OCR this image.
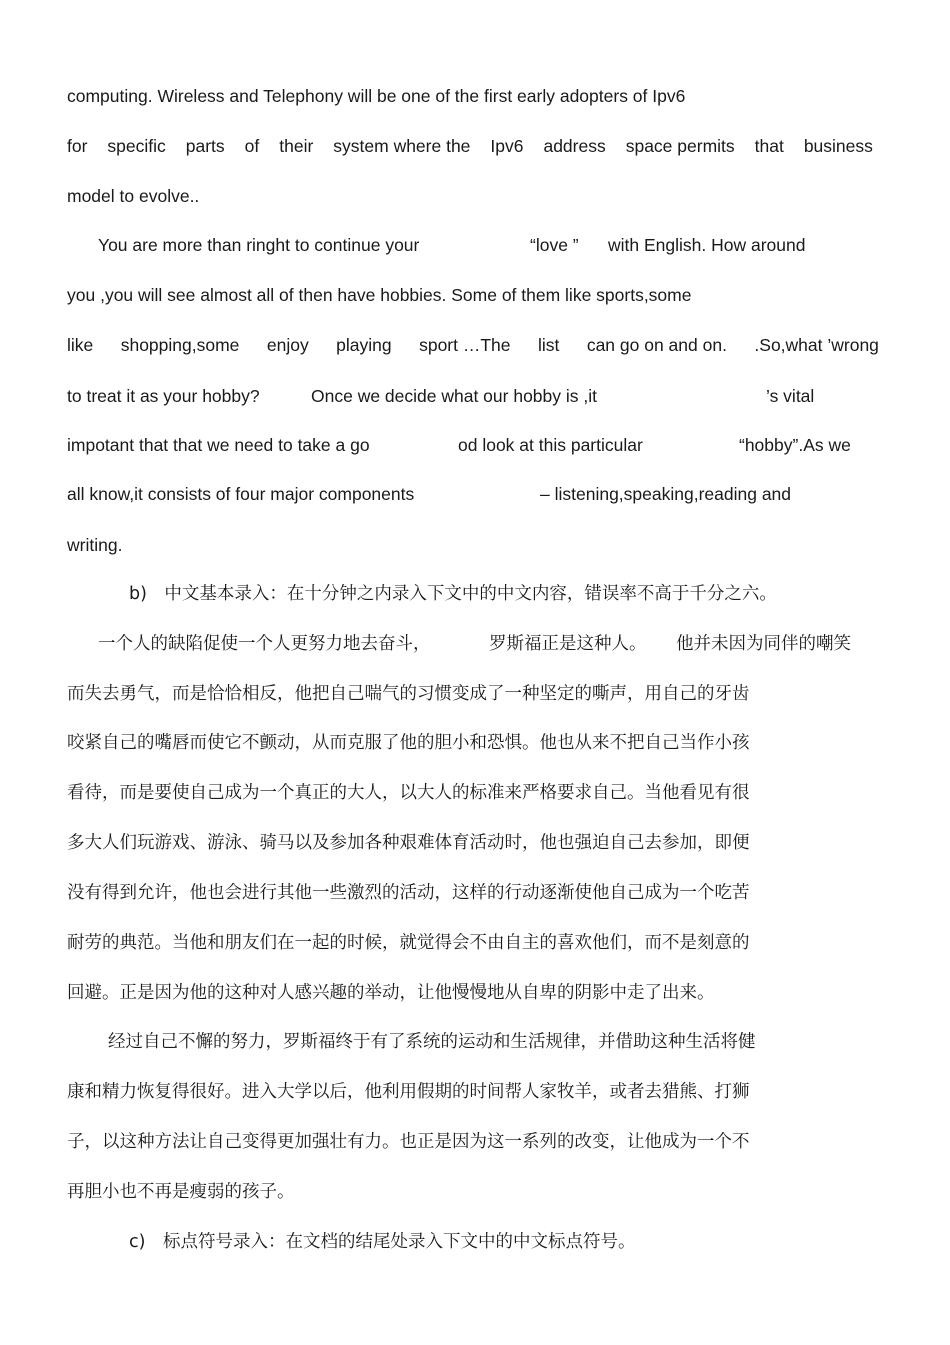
computing. Wireless and Telephony will be one of the first early adopters of Ipv6
for specific parts of their system where the Ipv6 address space permits that business
model to evolve..
You are more than ringht to continue your	“love ” with English. How around
you ,you will see almost all of then have hobbies. Some of them like sports,some
like shopping,some enjoy playing sport …The list can go on and on. .So,what ’wrong
to treat it as your hobby?	Once we decide what our hobby is ,it	’s vital
impotant that that we need to take a go	od look at this particular	“hobby”.As we
all know,it consists of four major components	– listening,speaking,reading and
writing.
b)　中文基本录入：在十分钟之内录入下文中的中文内容，错误率不高于千分之六。
一个人的缺陷促使一个人更努力地去奋斗，	罗斯福正是这种人。 他并未因为同伴的嘲笑
而失去勇气，而是恰恰相反，他把自己喘气的习惯变成了一种坚定的嘶声，用自己的牙齿
咬紧自己的嘴唇而使它不颤动，从而克服了他的胆小和恐惧。他也从来不把自己当作小孩
看待，而是要使自己成为一个真正的大人，以大人的标准来严格要求自己。当他看见有很
多大人们玩游戏、游泳、骑马以及参加各种艰难体育活动时，他也强迫自己去参加，即便
没有得到允许，他也会进行其他一些激烈的活动，这样的行动逐渐使他自己成为一个吃苦
耐劳的典范。当他和朋友们在一起的时候，就觉得会不由自主的喜欢他们，而不是刻意的
回避。正是因为他的这种对人感兴趣的举动，让他慢慢地从自卑的阴影中走了出来。
经过自己不懈的努力，罗斯福终于有了系统的运动和生活规律，并借助这种生活将健
康和精力恢复得很好。进入大学以后，他利用假期的时间帮人家牧羊，或者去猎熊、打狮
子，以这种方法让自己变得更加强壮有力。也正是因为这一系列的改变，让他成为一个不
再胆小也不再是瘦弱的孩子。
c)　标点符号录入：在文档的结尾处录入下文中的中文标点符号。
